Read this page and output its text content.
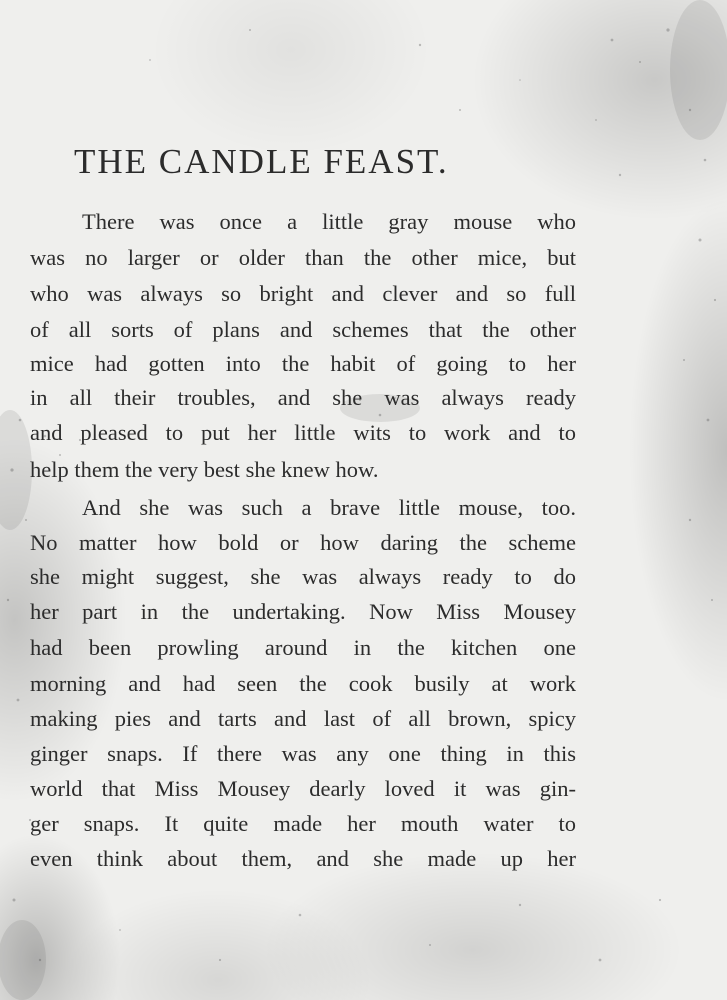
THE CANDLE FEAST.

There was once a little gray mouse who

was no larger or older than the other mice, but

who was always so bright and clever and so full

of all sorts of plans and schemes that the other

mice had gotten into the habit of going to her

in all their troubles, and she was always ready

and pleased to put her little wits to work and to

help them the very best she knew how.

And she was such a brave little mouse, too.

No matter how bold or how daring the scheme

she might suggest, she was always ready to do

her part in the undertaking. Now Miss Mousey

had been prowling around in the kitchen one

morning and had seen the cook busily at work

making pies and tarts and last of all brown, spicy

ginger snaps. If there was any one thing in this

world that Miss Mousey dearly loved it was gin-

ger snaps. It quite made her mouth water to

even think about them, and she made up her
